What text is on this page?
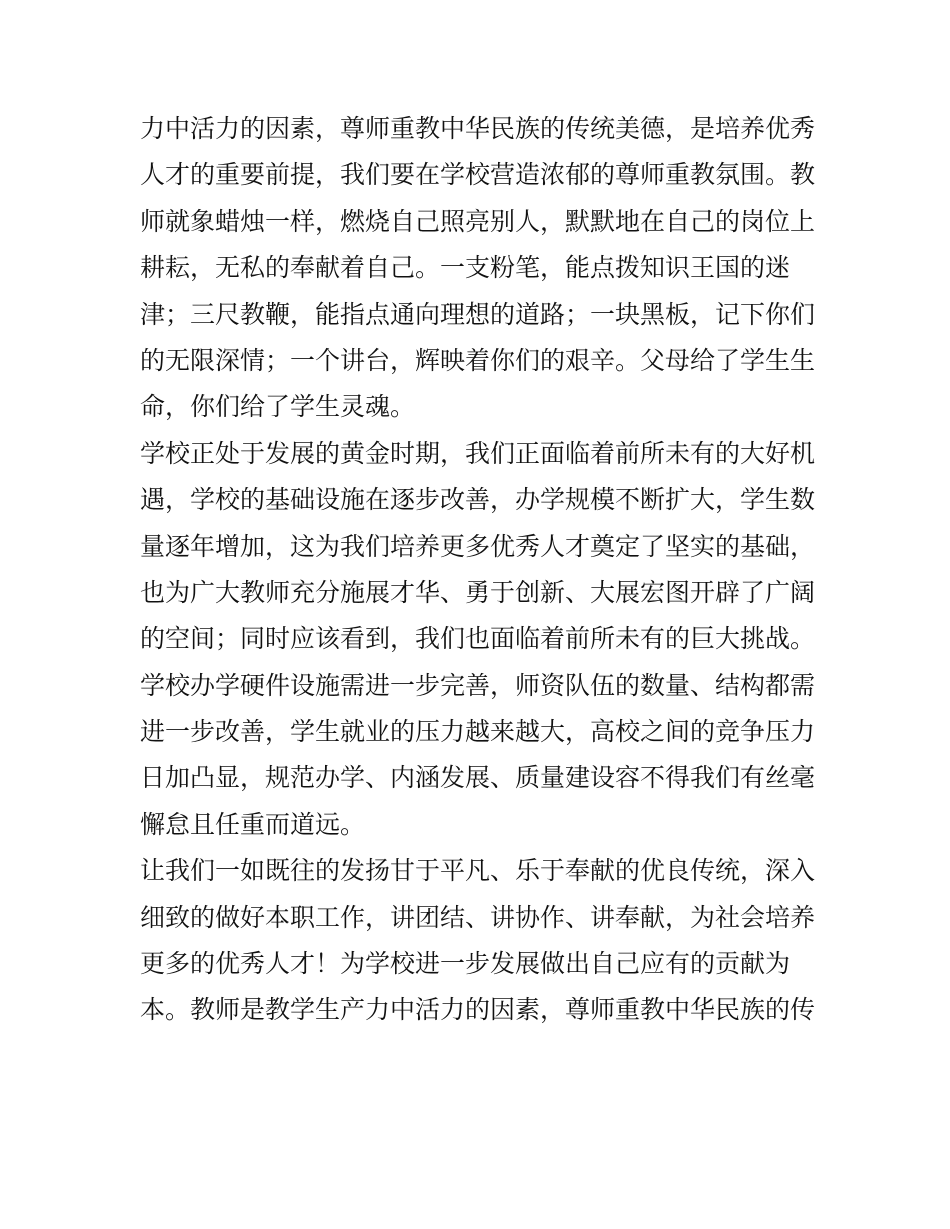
力中活力的因素，尊师重教中华民族的传统美德，是培养优秀
人才的重要前提，我们要在学校营造浓郁的尊师重教氛围。教
师就象蜡烛一样，燃烧自己照亮别人，默默地在自己的岗位上
耕耘，无私的奉献着自己。一支粉笔，能点拨知识王国的迷
津；三尺教鞭，能指点通向理想的道路；一块黑板，记下你们
的无限深情；一个讲台，辉映着你们的艰辛。父母给了学生生
命，你们给了学生灵魂。
学校正处于发展的黄金时期，我们正面临着前所未有的大好机
遇，学校的基础设施在逐步改善，办学规模不断扩大，学生数
量逐年增加，这为我们培养更多优秀人才奠定了坚实的基础，
也为广大教师充分施展才华、勇于创新、大展宏图开辟了广阔
的空间；同时应该看到，我们也面临着前所未有的巨大挑战。
学校办学硬件设施需进一步完善，师资队伍的数量、结构都需
进一步改善，学生就业的压力越来越大，高校之间的竞争压力
日加凸显，规范办学、内涵发展、质量建设容不得我们有丝毫
懈怠且任重而道远。
让我们一如既往的发扬甘于平凡、乐于奉献的优良传统，深入
细致的做好本职工作，讲团结、讲协作、讲奉献，为社会培养
更多的优秀人才！为学校进一步发展做出自己应有的贡献为
本。教师是教学生产力中活力的因素，尊师重教中华民族的传
